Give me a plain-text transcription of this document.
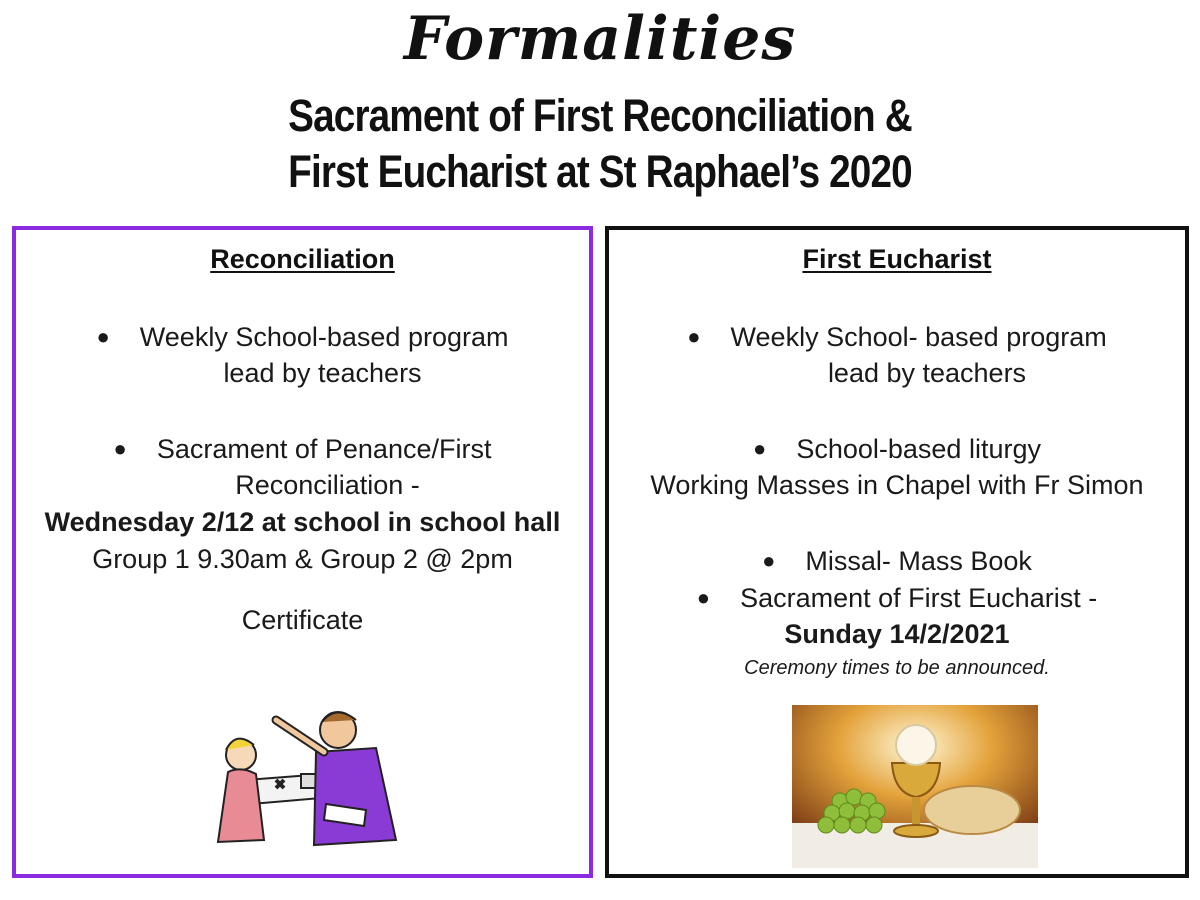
Formalities
Sacrament of First Reconciliation &
First Eucharist at St Raphael’s 2020
Reconciliation
● Weekly School-based program
lead by teachers
● Sacrament of Penance/First
Reconciliation -
Wednesday 2/12 at school in school hall
Group 1 9.30am & Group 2 @ 2pm
Certificate
First Eucharist
● Weekly School- based program
lead by teachers
● School-based liturgy
Working Masses in Chapel with Fr Simon
● Missal- Mass Book
● Sacrament of First Eucharist -
Sunday 14/2/2021
Ceremony times to be announced.
